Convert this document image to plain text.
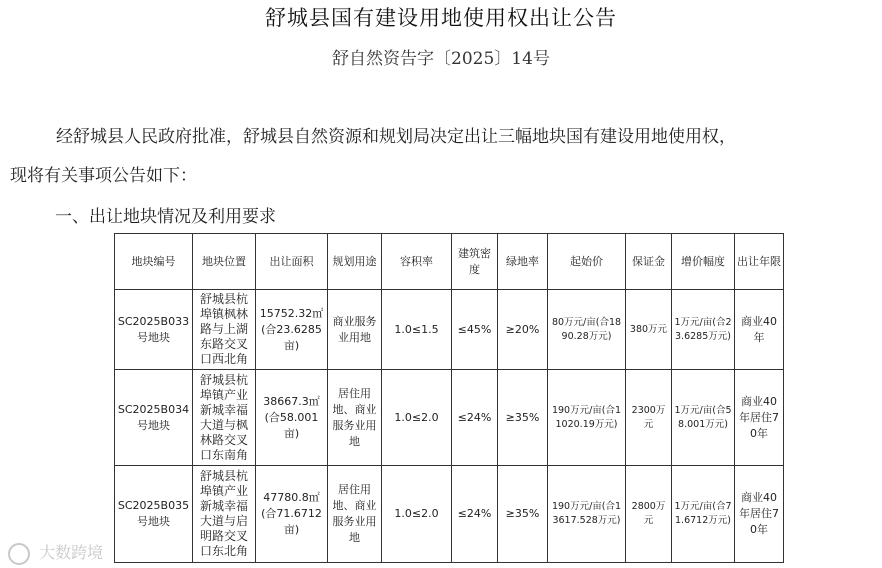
舒城县国有建设用地使用权出让公告
舒自然资告字〔2025〕14号
经舒城县人民政府批准，舒城县自然资源和规划局决定出让三幅地块国有建设用地使用权，
现将有关事项公告如下：
一、出让地块情况及利用要求
地块编号	地块位置	出让面积	规划用途	容积率	建筑密度	绿地率	起始价	保证金	增价幅度	出让年限
SC2025B033号地块	舒城县杭埠镇枫林路与上湖东路交叉口西北角	15752.32㎡(合23.6285亩)	商业服务业用地	1.0≤1.5	≤45%	≥20%	80万元/亩(合1890.28万元)	380万元	1万元/亩(合23.6285万元)	商业40年
SC2025B034号地块	舒城县杭埠镇产业新城幸福大道与枫林路交叉口东南角	38667.3㎡(合58.001亩)	居住用地、商业服务业用地	1.0≤2.0	≤24%	≥35%	190万元/亩(合11020.19万元)	2300万元	1万元/亩(合58.001万元)	商业40年居住70年
SC2025B035号地块	舒城县杭埠镇产业新城幸福大道与启明路交叉口东北角	47780.8㎡(合71.6712亩)	居住用地、商业服务业用地	1.0≤2.0	≤24%	≥35%	190万元/亩(合13617.528万元)	2800万元	1万元/亩(合71.6712万元)	商业40年居住70年
大数跨境
